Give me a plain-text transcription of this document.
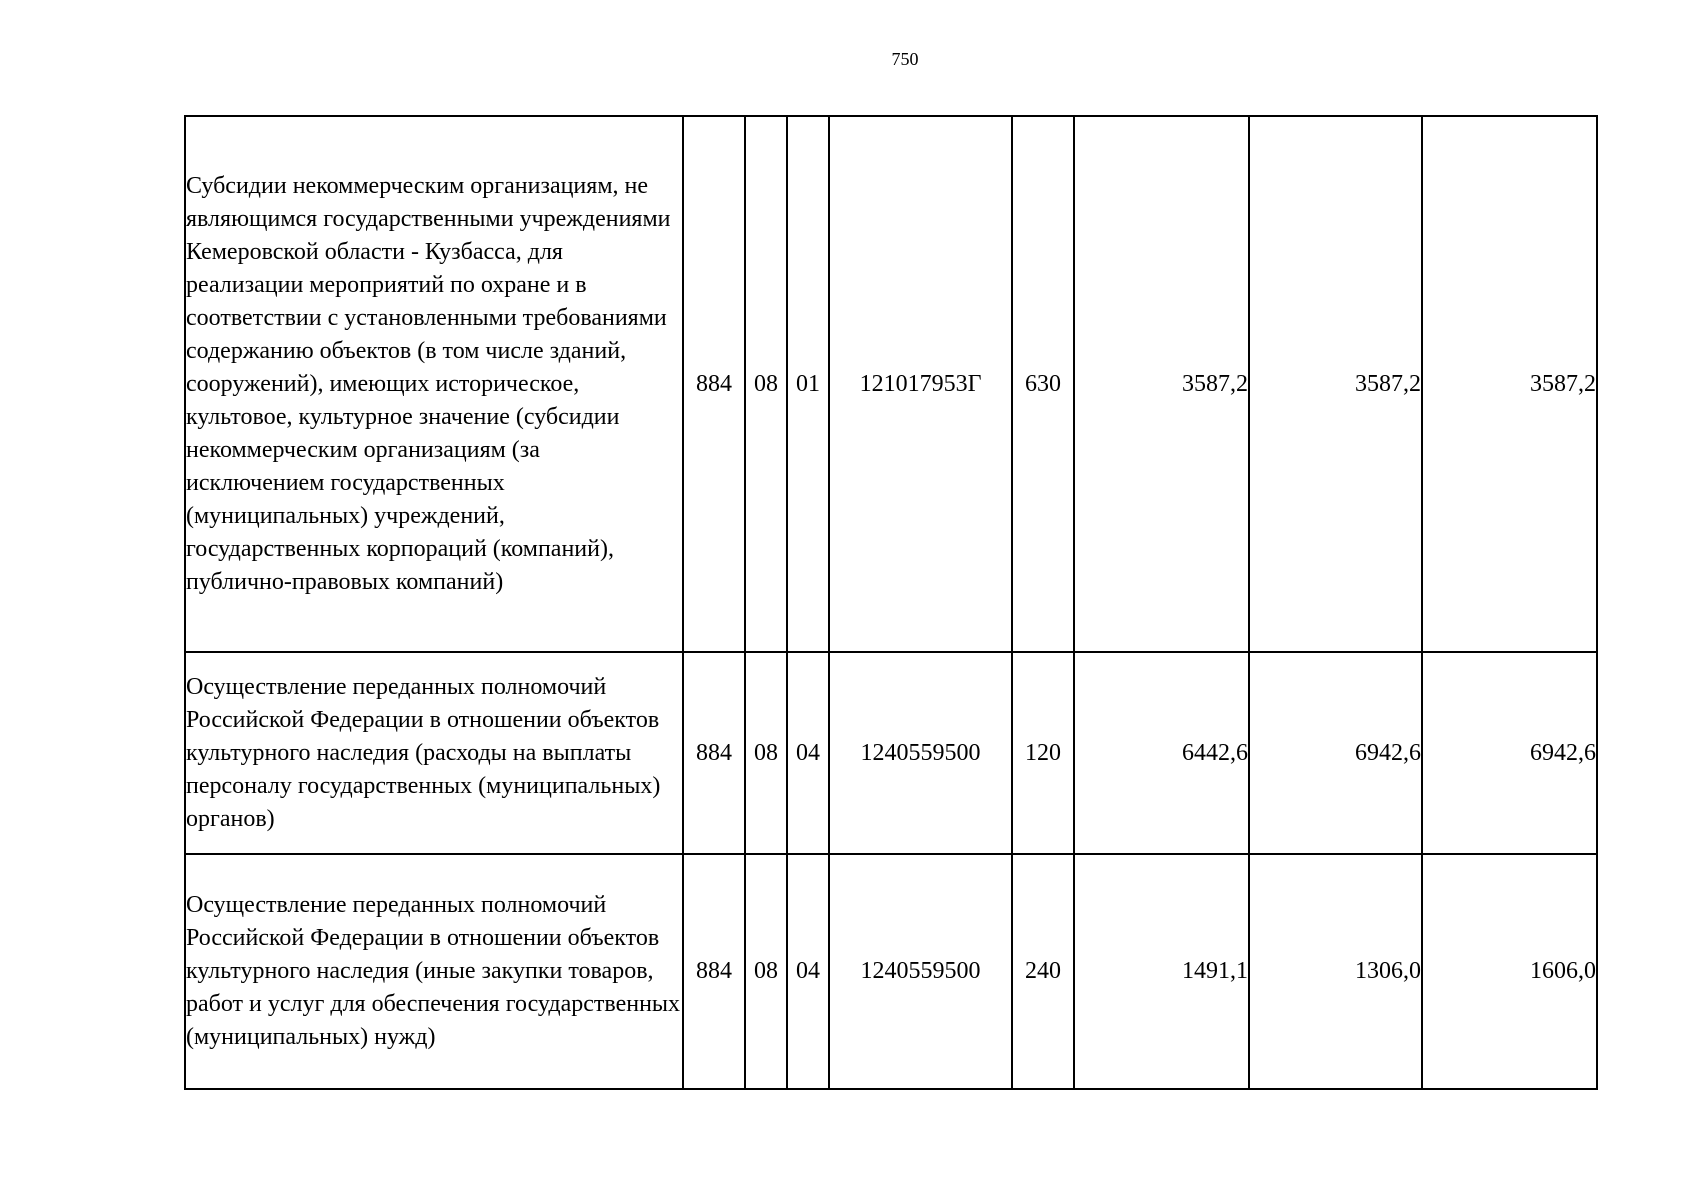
750
Субсидии некоммерческим организациям, не являющимся государственными учреждениями Кемеровской области - Кузбасса, для реализации мероприятий по охране и в соответствии с установленными требованиями содержанию объектов (в том числе зданий, сооружений), имеющих историческое, культовое, культурное значение (субсидии некоммерческим организациям (за исключением государственных (муниципальных) учреждений, государственных корпораций (компаний), публично-правовых компаний)	884	08	01	121017953Г	630	3587,2	3587,2	3587,2
Осуществление переданных полномочий Российской Федерации в отношении объектов культурного наследия (расходы на выплаты персоналу государственных (муниципальных) органов)	884	08	04	1240559500	120	6442,6	6942,6	6942,6
Осуществление переданных полномочий Российской Федерации в отношении объектов культурного наследия (иные закупки товаров, работ и услуг для обеспечения государственных (муниципальных) нужд)	884	08	04	1240559500	240	1491,1	1306,0	1606,0
